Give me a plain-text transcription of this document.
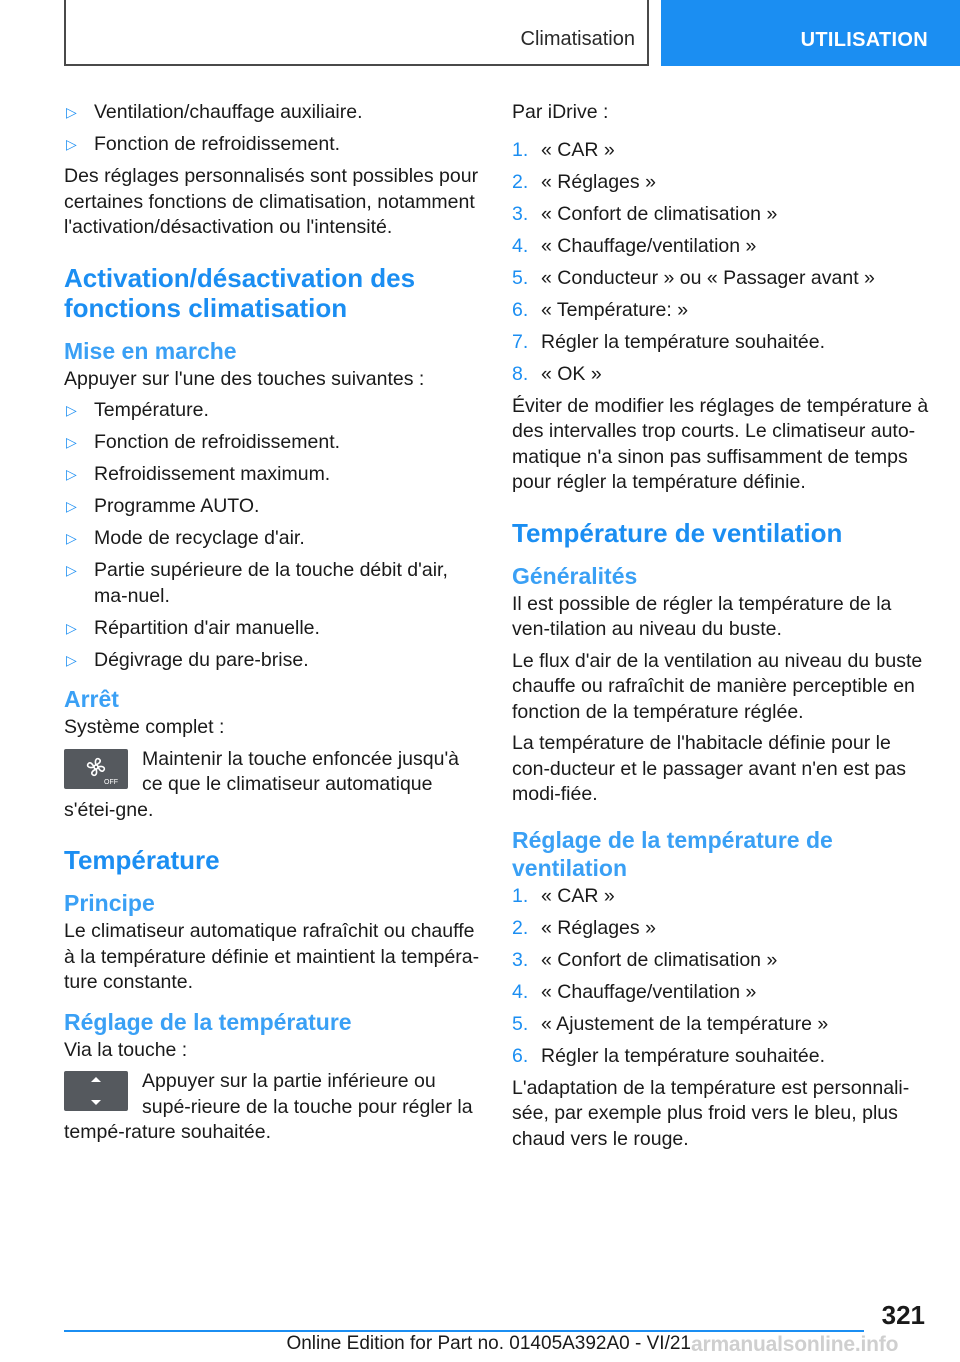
Climatisation	UTILISATION
▷ Ventilation/chauffage auxiliaire.
▷ Fonction de refroidissement.

Des réglages personnalisés sont possibles pour certaines fonctions de climatisation, notamment l'activation/désactivation ou l'intensité.

Activation/désactivation des fonctions climatisation
Mise en marche

Appuyer sur l'une des touches suivantes :

▷ Température.
▷ Fonction de refroidissement.
▷ Refroidissement maximum.
▷ Programme AUTO.
▷ Mode de recyclage d'air.
▷ Partie supérieure de la touche débit d'air, ma-nuel.
▷ Répartition d'air manuelle.
▷ Dégivrage du pare-brise.
Arrêt

Système complet :

OFF

Maintenir la touche enfoncée jusqu'à ce que le climatiseur automatique s'étei-gne.

Température
Principe

Le climatiseur automatique rafraîchit ou chauffe à la température définie et maintient la tempéra-ture constante.

Réglage de la température

Via la touche :

Appuyer sur la partie inférieure ou supé-rieure de la touche pour régler la tempé-rature souhaitée.

Par iDrive :

1. « CAR »
2. « Réglages »
3. « Confort de climatisation »
4. « Chauffage/ventilation »
5. « Conducteur » ou « Passager avant »
6. « Température: »
7. Régler la température souhaitée.
8. « OK »

Éviter de modifier les réglages de température à des intervalles trop courts. Le climatiseur auto-matique n'a sinon pas suffisamment de temps pour régler la température définie.

Température de ventilation
Généralités

Il est possible de régler la température de la ven-tilation au niveau du buste.

Le flux d'air de la ventilation au niveau du buste chauffe ou rafraîchit de manière perceptible en fonction de la température réglée.

La température de l'habitacle définie pour le con-ducteur et le passager avant n'en est pas modi-fiée.

Réglage de la température de ventilation
1. « CAR »
2. « Réglages »
3. « Confort de climatisation »
4. « Chauffage/ventilation »
5. « Ajustement de la température »
6. Régler la température souhaitée.

L'adaptation de la température est personnali-sée, par exemple plus froid vers le bleu, plus chaud vers le rouge.

321
Online Edition for Part no. 01405A392A0 - VI/21 armanualsonline.info
